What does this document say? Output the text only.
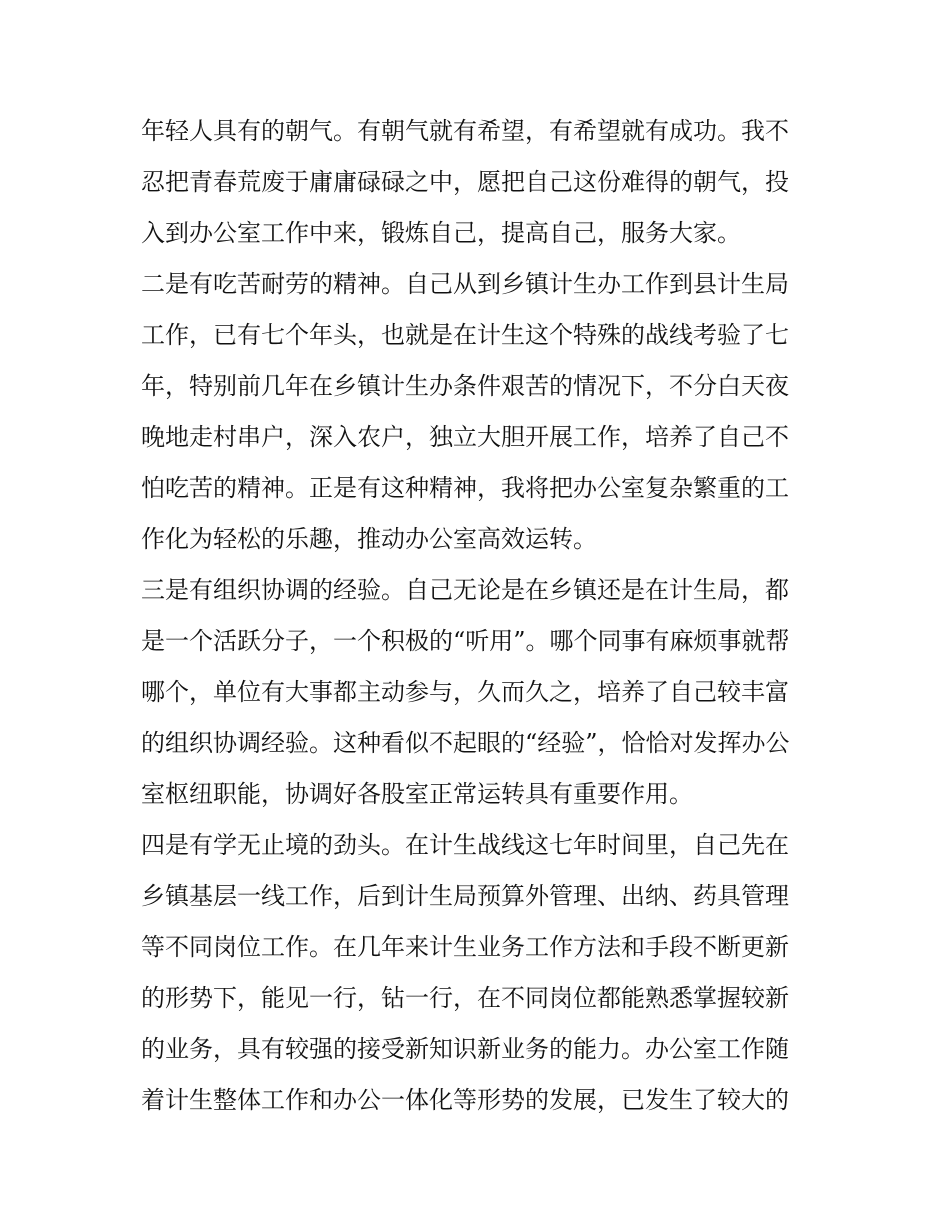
年轻人具有的朝气。有朝气就有希望，有希望就有成功。我不
忍把青春荒废于庸庸碌碌之中，愿把自己这份难得的朝气，投
入到办公室工作中来，锻炼自己，提高自己，服务大家。
二是有吃苦耐劳的精神。自己从到乡镇计生办工作到县计生局
工作，已有七个年头，也就是在计生这个特殊的战线考验了七
年，特别前几年在乡镇计生办条件艰苦的情况下，不分白天夜
晚地走村串户，深入农户，独立大胆开展工作，培养了自己不
怕吃苦的精神。正是有这种精神，我将把办公室复杂繁重的工
作化为轻松的乐趣，推动办公室高效运转。
三是有组织协调的经验。自己无论是在乡镇还是在计生局，都
是一个活跃分子，一个积极的“听用”。哪个同事有麻烦事就帮
哪个，单位有大事都主动参与，久而久之，培养了自己较丰富
的组织协调经验。这种看似不起眼的“经验”，恰恰对发挥办公
室枢纽职能，协调好各股室正常运转具有重要作用。
四是有学无止境的劲头。在计生战线这七年时间里，自己先在
乡镇基层一线工作，后到计生局预算外管理、出纳、药具管理
等不同岗位工作。在几年来计生业务工作方法和手段不断更新
的形势下，能见一行，钻一行，在不同岗位都能熟悉掌握较新
的业务，具有较强的接受新知识新业务的能力。办公室工作随
着计生整体工作和办公一体化等形势的发展，已发生了较大的
